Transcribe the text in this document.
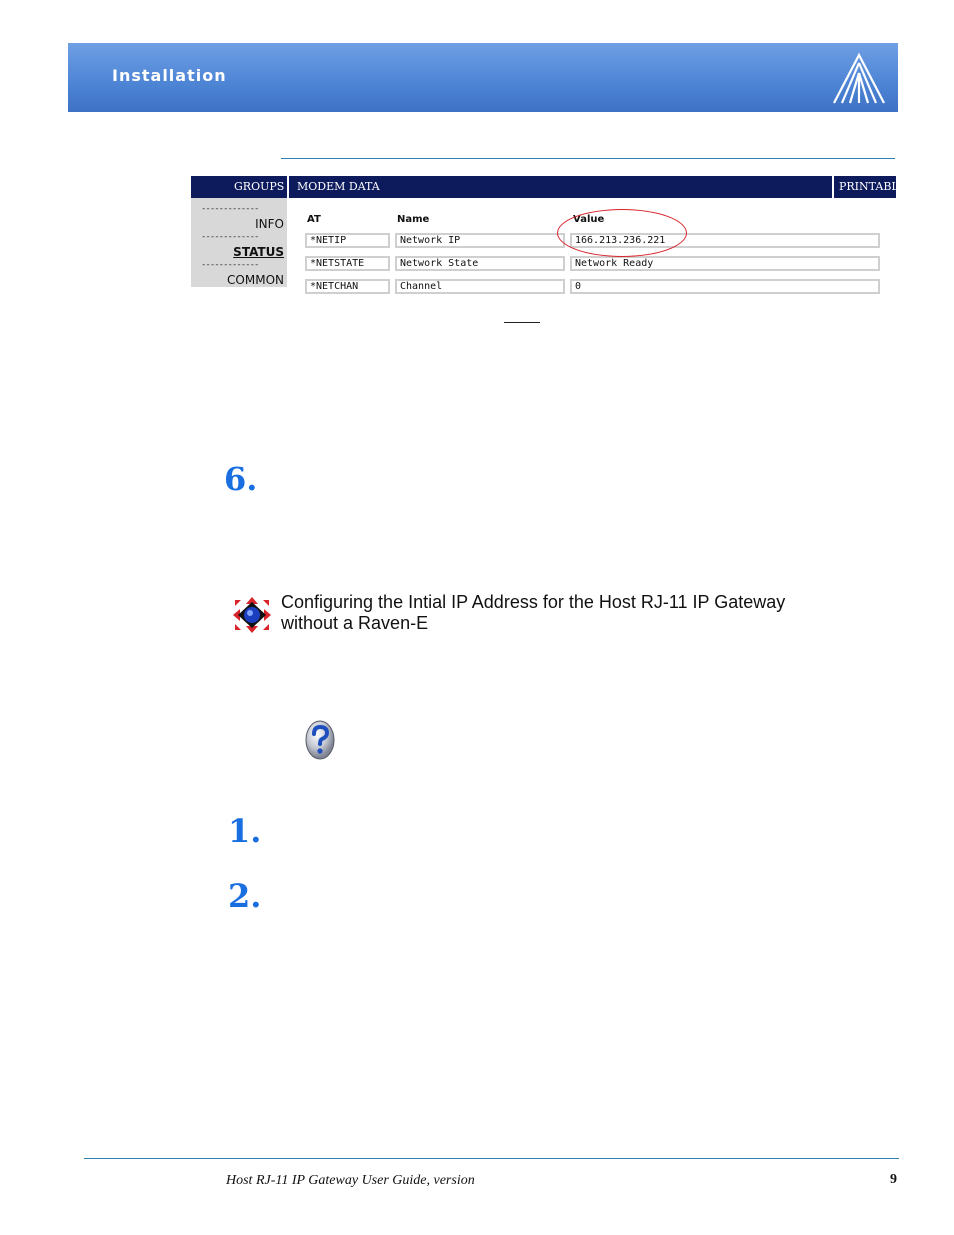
Installation
GROUPS MODEM DATA	PRINTABLE
-------------
INFO
-------------
STATUS
-------------
COMMON
AT	Name	Value
*NETIP	Network IP	166.213.236.221
*NETSTATE	Network State	Network Ready
*NETCHAN	Channel	0
6.
Configuring the Intial IP Address for the Host RJ-11 IP Gateway without a Raven-E
1.
2.
Host RJ-11 IP Gateway User Guide, version	9
